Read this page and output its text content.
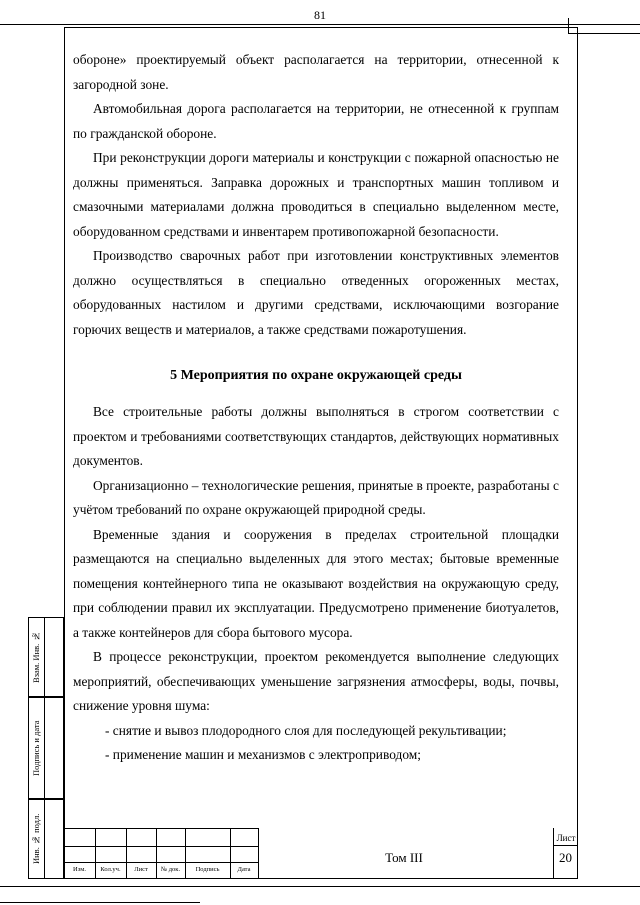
81

обороне» проектируемый объект располагается на территории, отнесенной к загородной зоне.

Автомобильная дорога располагается на территории, не отнесенной к группам по гражданской обороне.

При реконструкции дороги материалы и конструкции с пожарной опасностью не должны применяться. Заправка дорожных и транспортных машин топливом и смазочными материалами должна проводиться в специально выделенном месте, оборудованном средствами и инвентарем противопожарной безопасности.

Производство сварочных работ при изготовлении конструктивных элементов должно осуществляться в специально отведенных огороженных местах, оборудованных настилом и другими средствами, исключающими возгорание горючих веществ и материалов, а также средствами пожаротушения.

5 Мероприятия по охране окружающей среды

Все строительные работы должны выполняться в строгом соответствии с проектом и требованиями соответствующих стандартов, действующих нормативных документов.

Организационно – технологические решения, принятые в проекте, разработаны с учётом требований по охране окружающей природной среды.

Временные здания и сооружения в пределах строительной площадки размещаются на специально выделенных для этого местах; бытовые временные помещения контейнерного типа не оказывают воздействия на окружающую среду, при соблюдении правил их эксплуатации. Предусмотрено применение биотуалетов, а также контейнеров для сбора бытового мусора.

В процессе реконструкции, проектом рекомендуется выполнение следующих мероприятий, обеспечивающих уменьшение загрязнения атмосферы, воды, почвы, снижение уровня шума:

- снятие и вывоз плодородного слоя для последующей рекультивации;

- применение машин и механизмов с электроприводом;

Взам. Инв. №
Подпись и дата
Инв. № подл.
Изм.	Кол.уч.	Лист	№ док.	Подпись	Дата
Том III
Лист
20
